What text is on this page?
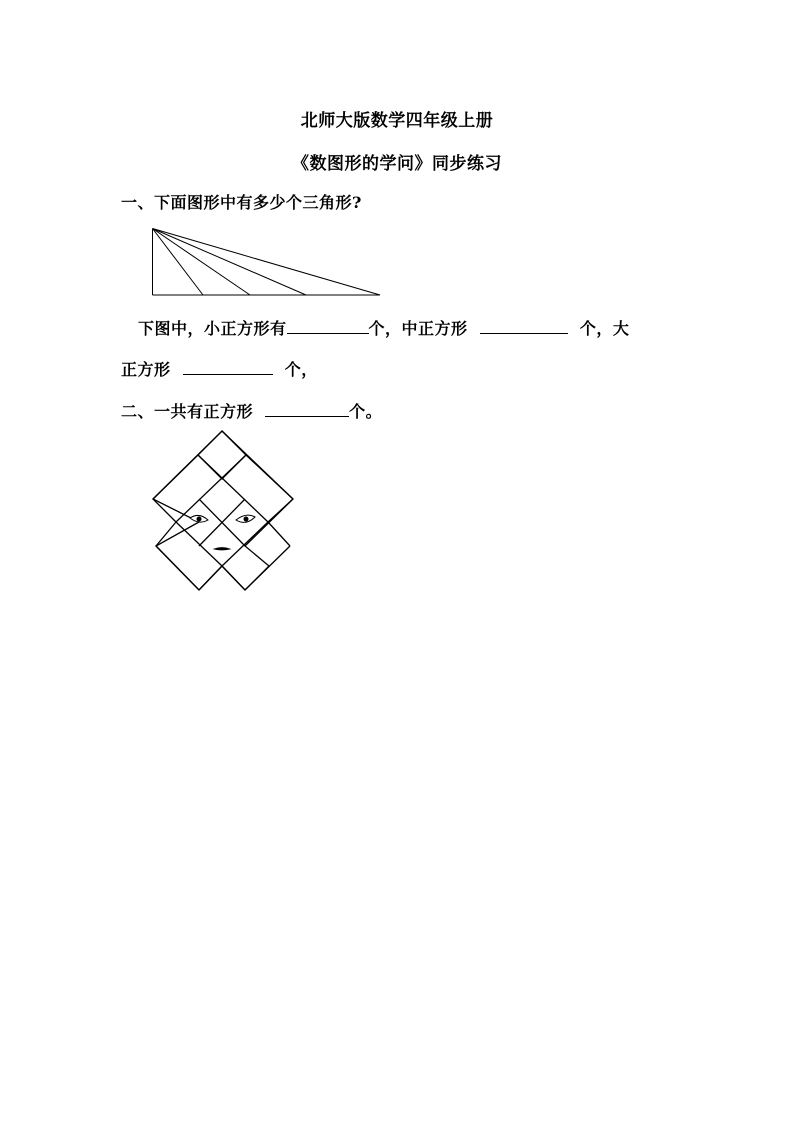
北师大版数学四年级上册
《数图形的学问》同步练习
一、下面图形中有多少个三角形?
下图中，小正方形有	个，中正方形	个，大
正方形	个，
二、一共有正方形	个。
